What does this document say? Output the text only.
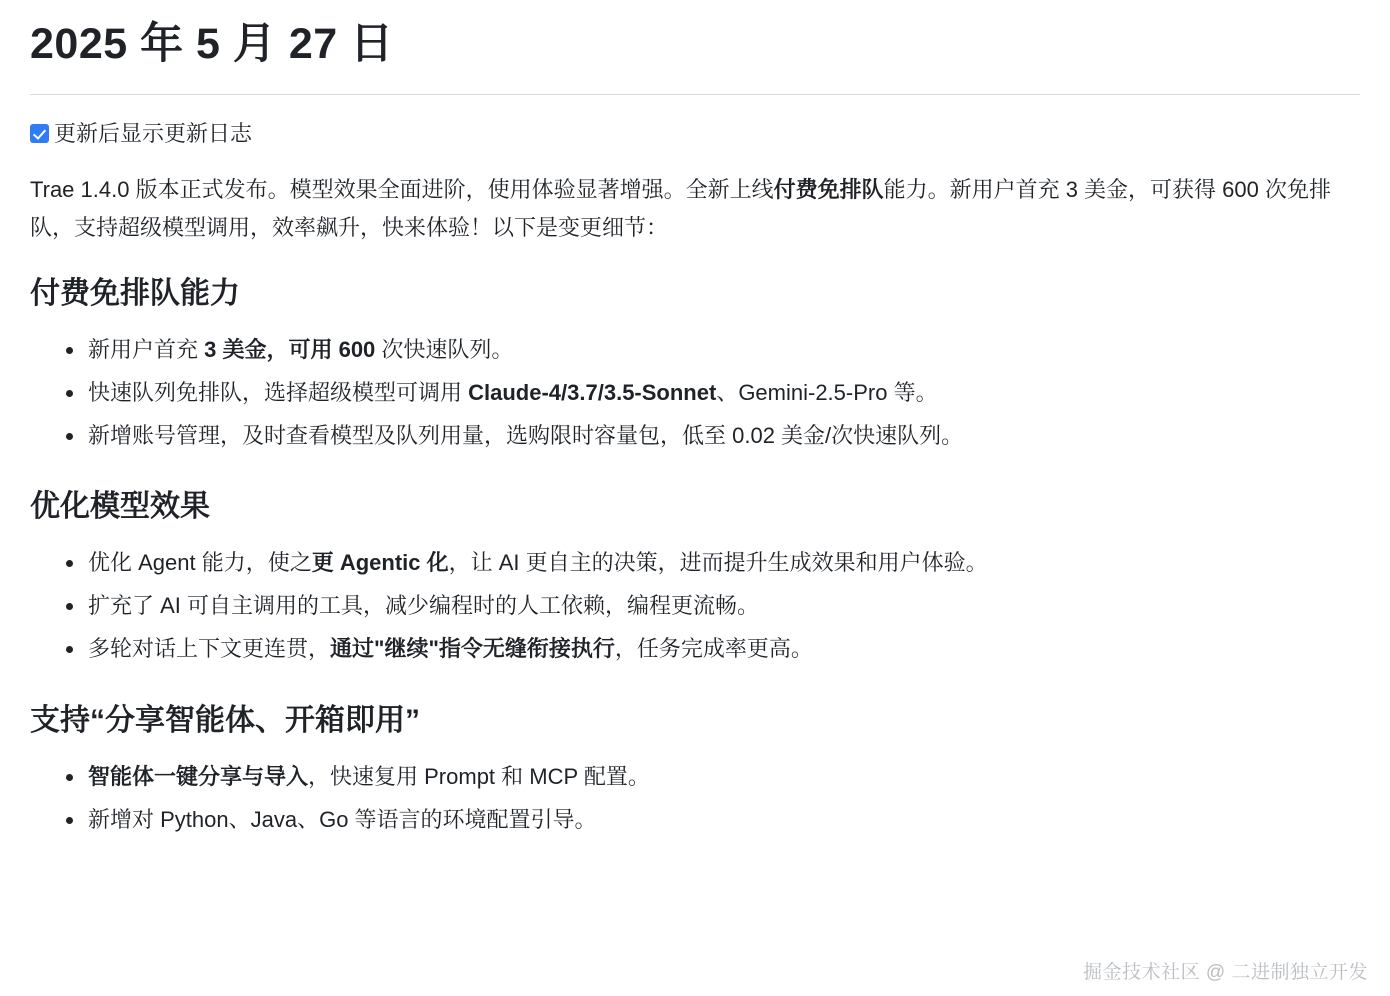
2025 年 5 月 27 日
更新后显示更新日志

Trae 1.4.0 版本正式发布。模型效果全面进阶，使用体验显著增强。全新上线付费免排队能力。新用户首充 3 美金，可获得 600 次免排队，支持超级模型调用，效率飙升，快来体验！以下是变更细节：

付费免排队能力
新用户首充 3 美金，可用 600 次快速队列。
快速队列免排队，选择超级模型可调用 Claude-4/3.7/3.5-Sonnet、Gemini-2.5-Pro 等。
新增账号管理，及时查看模型及队列用量，选购限时容量包，低至 0.02 美金/次快速队列。
优化模型效果
优化 Agent 能力，使之更 Agentic 化，让 AI 更自主的决策，进而提升生成效果和用户体验。
扩充了 AI 可自主调用的工具，减少编程时的人工依赖，编程更流畅。
多轮对话上下文更连贯，通过"继续"指令无缝衔接执行，任务完成率更高。
支持“分享智能体、开箱即用”
智能体一键分享与导入，快速复用 Prompt 和 MCP 配置。
新增对 Python、Java、Go 等语言的环境配置引导。
掘金技术社区 @ 二进制独立开发
